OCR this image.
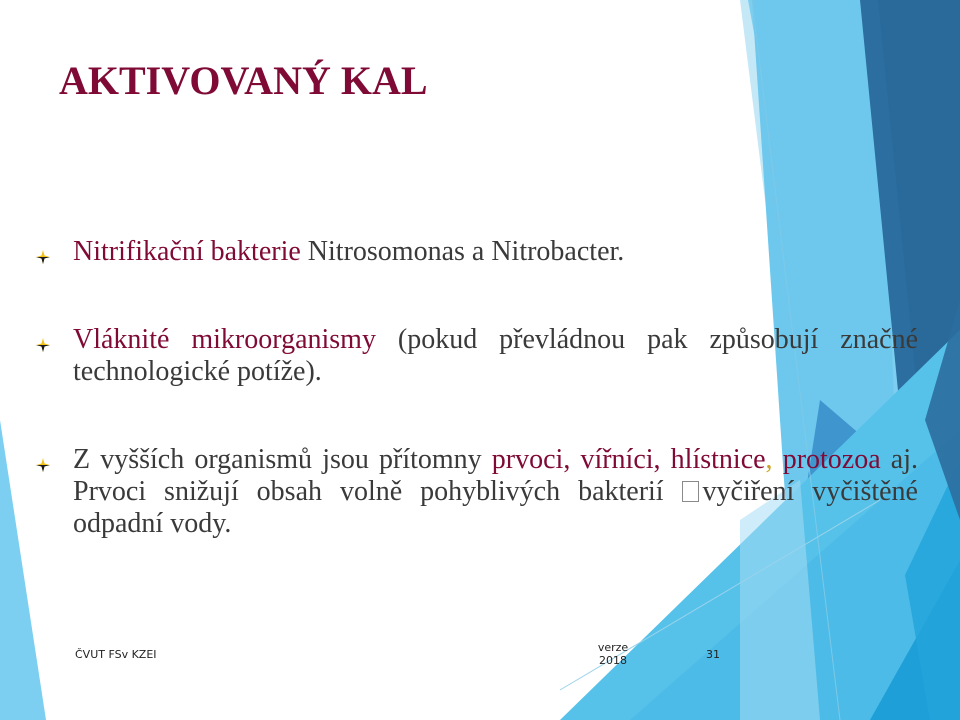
AKTIVOVANÝ KAL
Nitrifikační bakterie Nitrosomonas a Nitrobacter.
Vláknité mikroorganismy (pokud převládnou pak způsobují značné technologické potíže).
Z vyšších organismů jsou přítomny prvoci, vířníci, hlístnice, protozoa aj. Prvoci snižují obsah volně pohyblivých bakterií vyčiření vyčištěné odpadní vody.
ČVUT FSv KZEI
verze
2018	31
